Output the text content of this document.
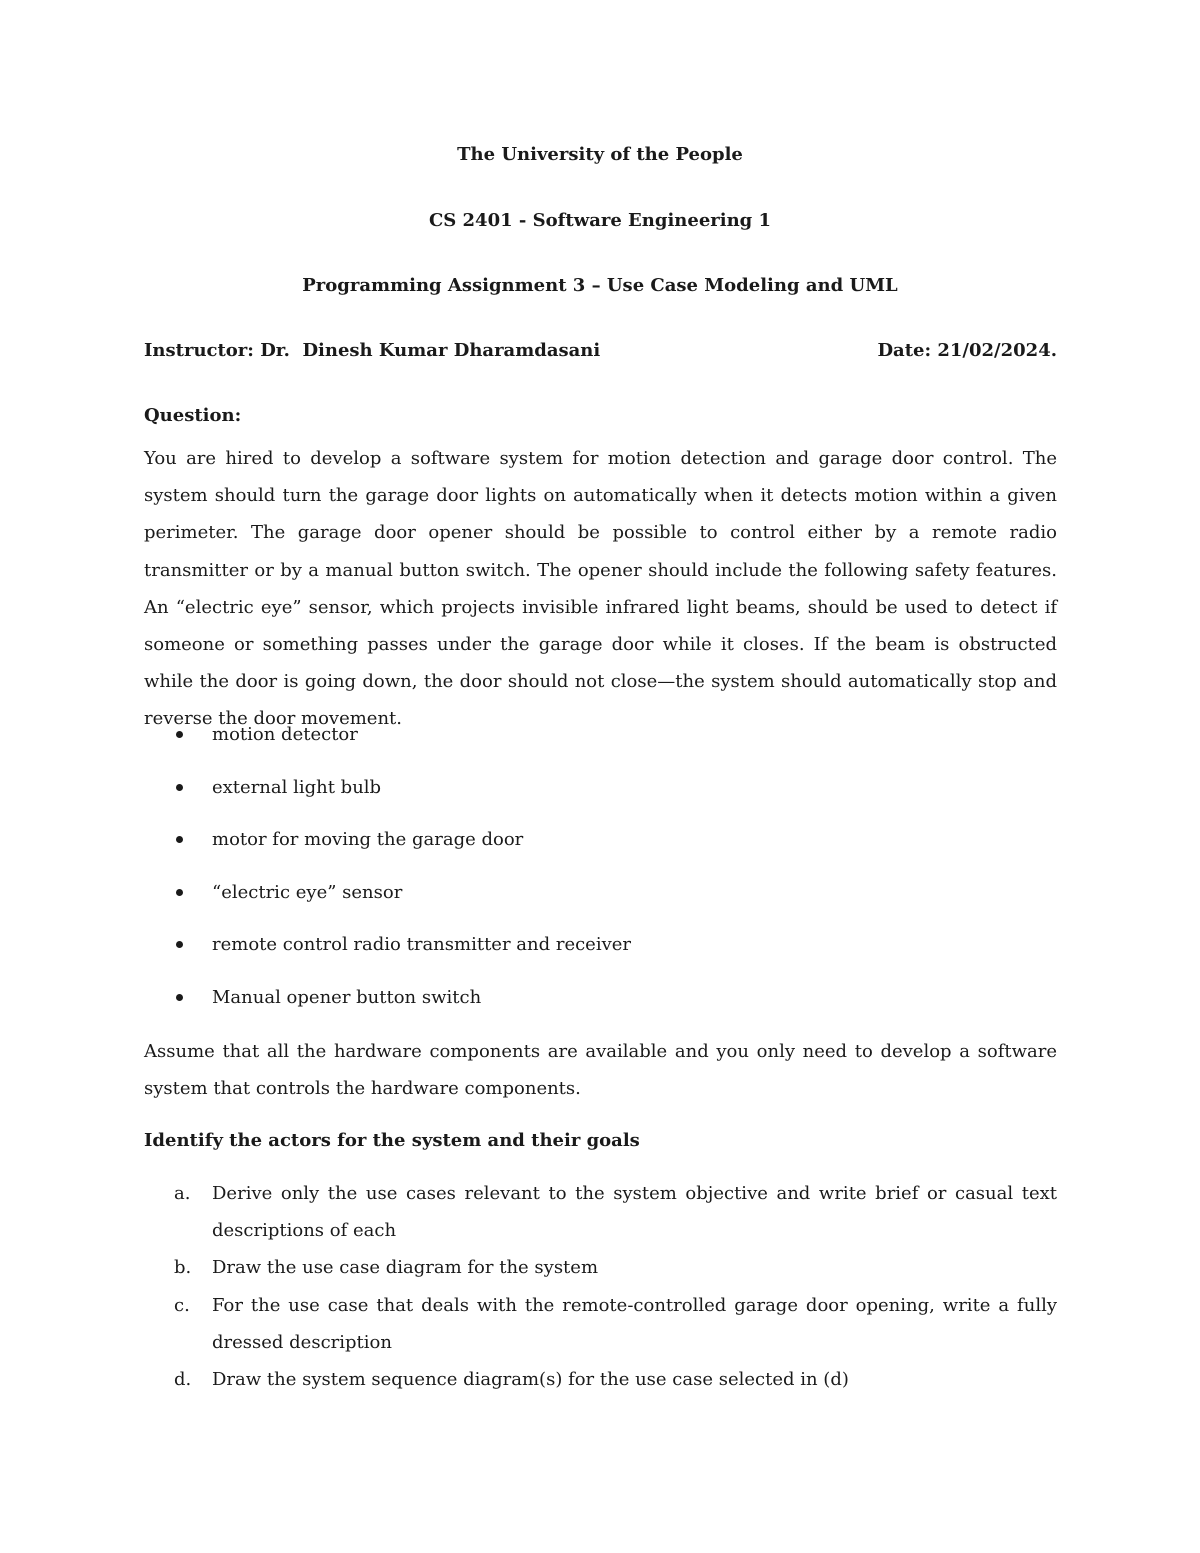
The University of the People
CS 2401 - Software Engineering 1
Programming Assignment 3 – Use Case Modeling and UML
Instructor: Dr.  Dinesh Kumar Dharamdasani	Date: 21/02/2024.
Question:

You are hired to develop a software system for motion detection and garage door control. The system should turn the garage door lights on automatically when it detects motion within a given perimeter. The garage door opener should be possible to control either by a remote radio transmitter or by a manual button switch. The opener should include the following safety features. An “electric eye” sensor, which projects invisible infrared light beams, should be used to detect if someone or something passes under the garage door while it closes. If the beam is obstructed while the door is going down, the door should not close—the system should automatically stop and reverse the door movement.

motion detector
external light bulb
motor for moving the garage door
“electric eye” sensor
remote control radio transmitter and receiver
Manual opener button switch

Assume that all the hardware components are available and you only need to develop a software system that controls the hardware components.

Identify the actors for the system and their goals
a. Derive only the use cases relevant to the system objective and write brief or casual text descriptions of each
b. Draw the use case diagram for the system
c. For the use case that deals with the remote-controlled garage door opening, write a fully dressed description
d. Draw the system sequence diagram(s) for the use case selected in (d)
